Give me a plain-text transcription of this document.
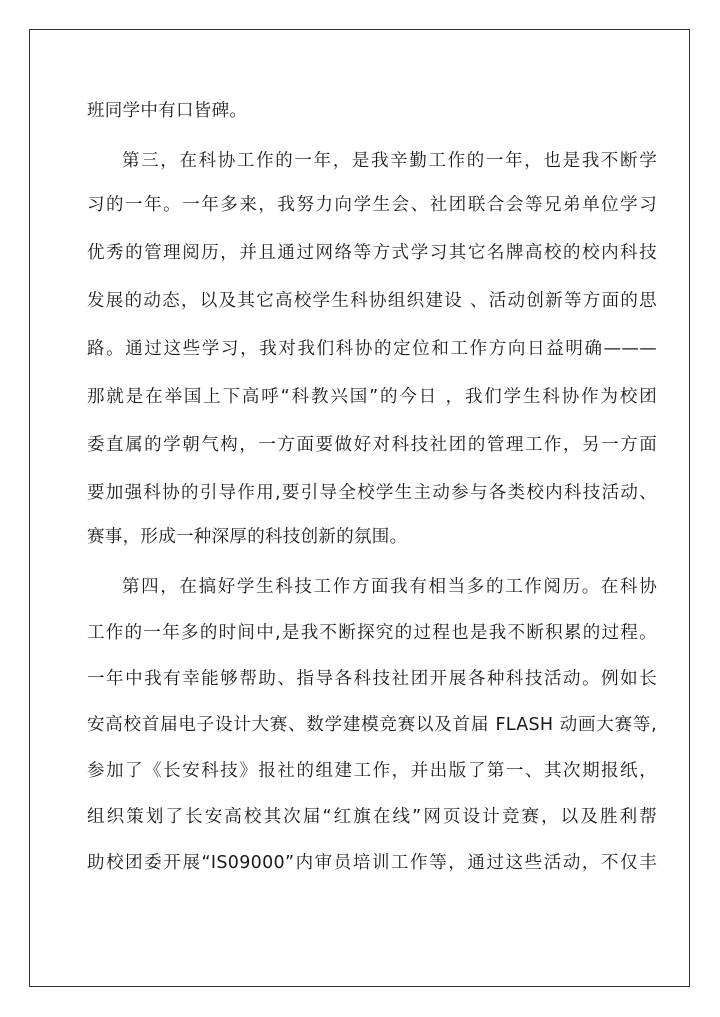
班同学中有口皆碑。
第三，在科协工作的一年，是我辛勤工作的一年，也是我不断学
习的一年。一年多来，我努力向学生会、社团联合会等兄弟单位学习
优秀的管理阅历，并且通过网络等方式学习其它名牌高校的校内科技
发展的动态，以及其它高校学生科协组织建设 、活动创新等方面的思
路。通过这些学习，我对我们科协的定位和工作方向日益明确———
那就是在举国上下高呼“科教兴国”的今日 ，我们学生科协作为校团
委直属的学朝气构，一方面要做好对科技社团的管理工作，另一方面
要加强科协的引导作用,要引导全校学生主动参与各类校内科技活动、
赛事，形成一种深厚的科技创新的氛围。
第四，在搞好学生科技工作方面我有相当多的工作阅历。在科协
工作的一年多的时间中,是我不断探究的过程也是我不断积累的过程。
一年中我有幸能够帮助、指导各科技社团开展各种科技活动。例如长
安高校首届电子设计大赛、数学建模竞赛以及首届 FLASH 动画大赛等,
参加了《长安科技》报社的组建工作，并出版了第一、其次期报纸，
组织策划了长安高校其次届“红旗在线”网页设计竞赛，以及胜利帮
助校团委开展“IS09000”内审员培训工作等，通过这些活动，不仅丰
